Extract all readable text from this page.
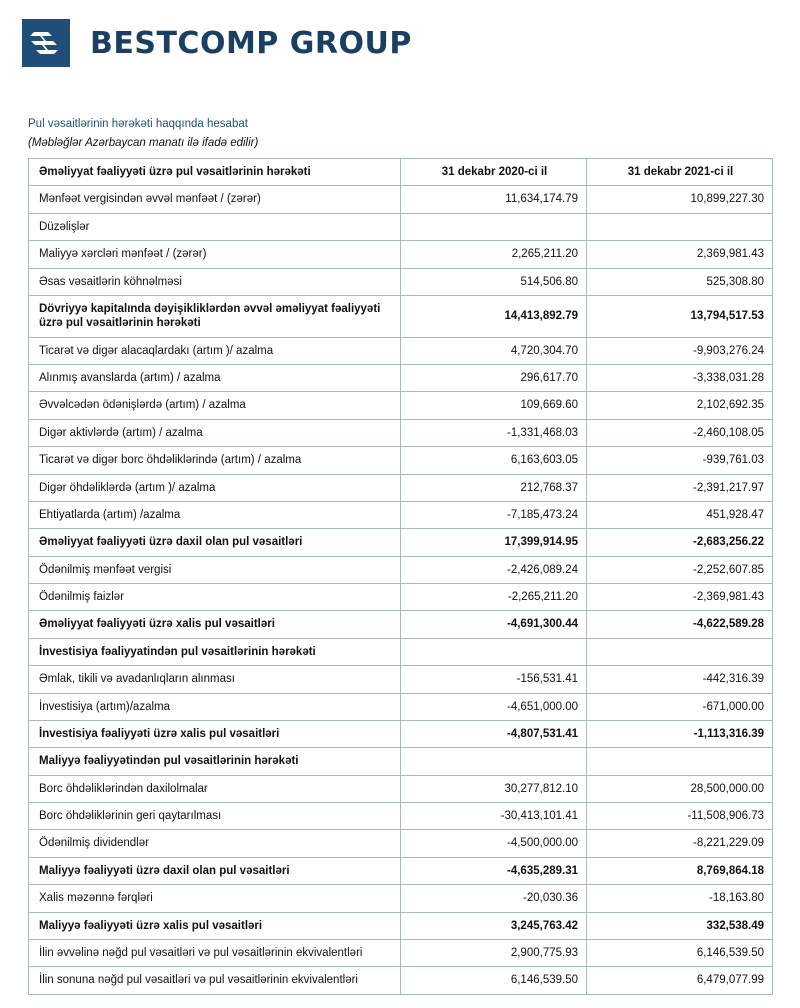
BESTCOMP GROUP
Pul vəsaitlərinin hərəkəti haqqında hesabat
(Məbləğlər Azərbaycan manatı ilə ifadə edilir)
Əməliyyat fəaliyyəti üzrə pul vəsaitlərinin hərəkəti	31 dekabr 2020-ci il	31 dekabr 2021-ci il
Mənfəət vergisindən əvvəl mənfəət / (zərər)	11,634,174.79	10,899,227.30
Düzəlişlər		
Maliyyə xərcləri mənfəət / (zərər)	2,265,211.20	2,369,981.43
Əsas vəsaitlərin köhnəlməsi	514,506.80	525,308.80
Dövriyyə kapitalında dəyişikliklərdən əvvəl əməliyyat fəaliyyəti üzrə pul vəsaitlərinin hərəkəti	14,413,892.79	13,794,517.53
Ticarət və digər alacaqlardakı (artım )/ azalma	4,720,304.70	-9,903,276.24
Alınmış avanslarda (artım) / azalma	296,617.70	-3,338,031.28
Əvvəlcədən ödənişlərdə (artım) / azalma	109,669.60	2,102,692.35
Digər aktivlərdə (artım) / azalma	-1,331,468.03	-2,460,108.05
Ticarət və digər borc öhdəliklərində (artım) / azalma	6,163,603.05	-939,761.03
Digər öhdəliklərdə (artım )/ azalma	212,768.37	-2,391,217.97
Ehtiyatlarda (artım) /azalma	-7,185,473.24	451,928.47
Əməliyyat fəaliyyəti üzrə daxil olan pul vəsaitləri	17,399,914.95	-2,683,256.22
Ödənilmiş mənfəət vergisi	-2,426,089.24	-2,252,607.85
Ödənilmiş faizlər	-2,265,211.20	-2,369,981.43
Əməliyyat fəaliyyəti üzrə xalis pul vəsaitləri	-4,691,300.44	-4,622,589.28
İnvestisiya fəaliyyatindən pul vəsaitlərinin hərəkəti		
Əmlak, tikili və avadanlıqların alınması	-156,531.41	-442,316.39
İnvestisiya (artım)/azalma	-4,651,000.00	-671,000.00
İnvestisiya fəaliyyəti üzrə xalis pul vəsaitləri	-4,807,531.41	-1,113,316.39
Maliyyə fəaliyyətindən pul vəsaitlərinin hərəkəti		
Borc öhdəliklərindən daxilolmalar	30,277,812.10	28,500,000.00
Borc öhdəliklərinin geri qaytarılması	-30,413,101.41	-11,508,906.73
Ödənilmiş dividendlər	-4,500,000.00	-8,221,229.09
Maliyyə fəaliyyəti üzrə daxil olan pul vəsaitləri	-4,635,289.31	8,769,864.18
Xalis məzənnə fərqləri	-20,030.36	-18,163.80
Maliyyə fəaliyyəti üzrə xalis pul vəsaitləri	3,245,763.42	332,538.49
İlin əvvəlinə nəğd pul vəsaitləri və pul vəsaitlərinin ekvivalentləri	2,900,775.93	6,146,539.50
İlin sonuna nəğd pul vəsaitləri və pul vəsaitlərinin ekvivalentləri	6,146,539.50	6,479,077.99
